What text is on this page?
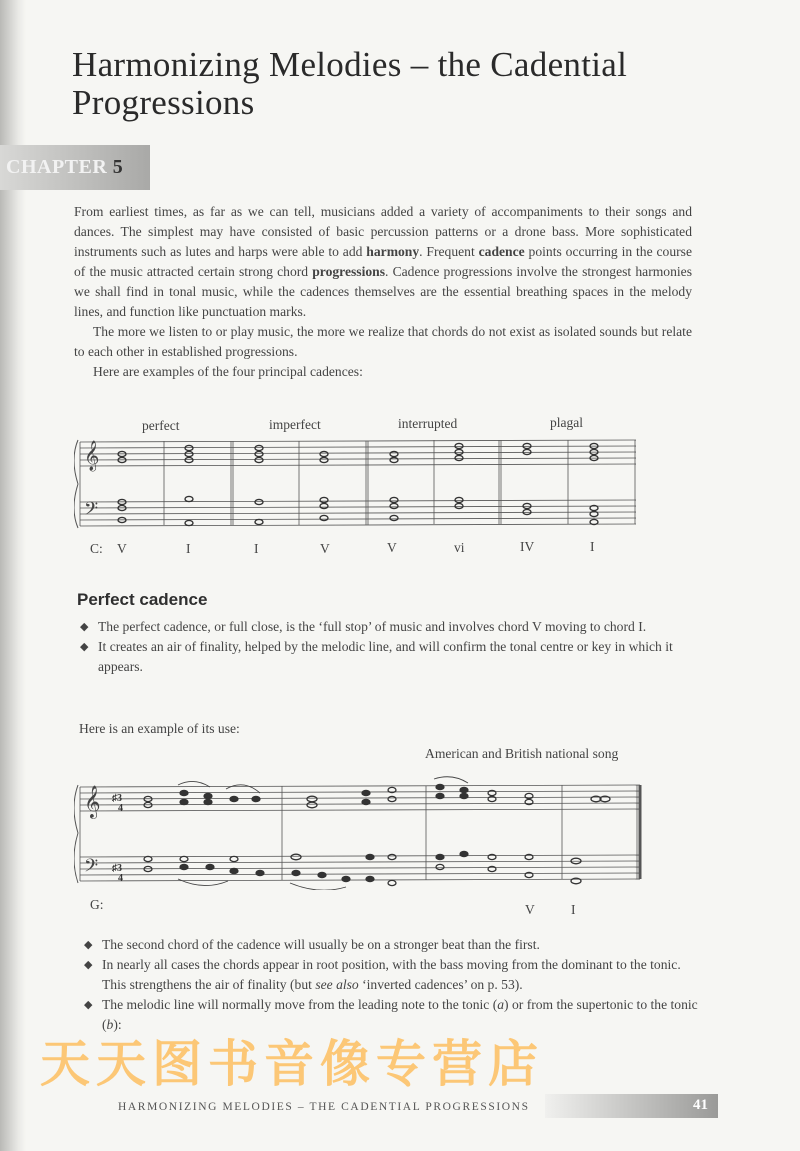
Harmonizing Melodies – the Cadential Progressions
CHAPTER 5

From earliest times, as far as we can tell, musicians added a variety of accompaniments to their songs and dances. The simplest may have consisted of basic percussion patterns or a drone bass. More sophisticated instruments such as lutes and harps were able to add harmony. Frequent cadence points occurring in the course of the music attracted certain strong chord progressions. Cadence progressions involve the strongest harmonies we shall find in tonal music, while the cadences themselves are the essential breathing spaces in the melody lines, and function like punctuation marks.

The more we listen to or play music, the more we realize that chords do not exist as isolated sounds but relate to each other in established progressions.

Here are examples of the four principal cadences:

perfect	imperfect	interrupted	plagal
𝄞
𝄢
C: V	I	I	V	V	vi	IV	I
Perfect cadence
◆ The perfect cadence, or full close, is the ‘full stop’ of music and involves chord V moving to chord I.
◆ It creates an air of finality, helped by the melodic line, and will confirm the tonal centre or key in which it appears.
Here is an example of its use:
American and British national song
𝄞
𝄢
♯3
4
♯3
4
G:	V	I
◆ The second chord of the cadence will usually be on a stronger beat than the first.
◆ In nearly all cases the chords appear in root position, with the bass moving from the dominant to the tonic. This strengthens the air of finality (but see also ‘inverted cadences’ on p. 53).
◆ The melodic line will normally move from the leading note to the tonic (a) or from the supertonic to the tonic (b):
天天图书音像专营店
HARMONIZING MELODIES – THE CADENTIAL PROGRESSIONS	41
